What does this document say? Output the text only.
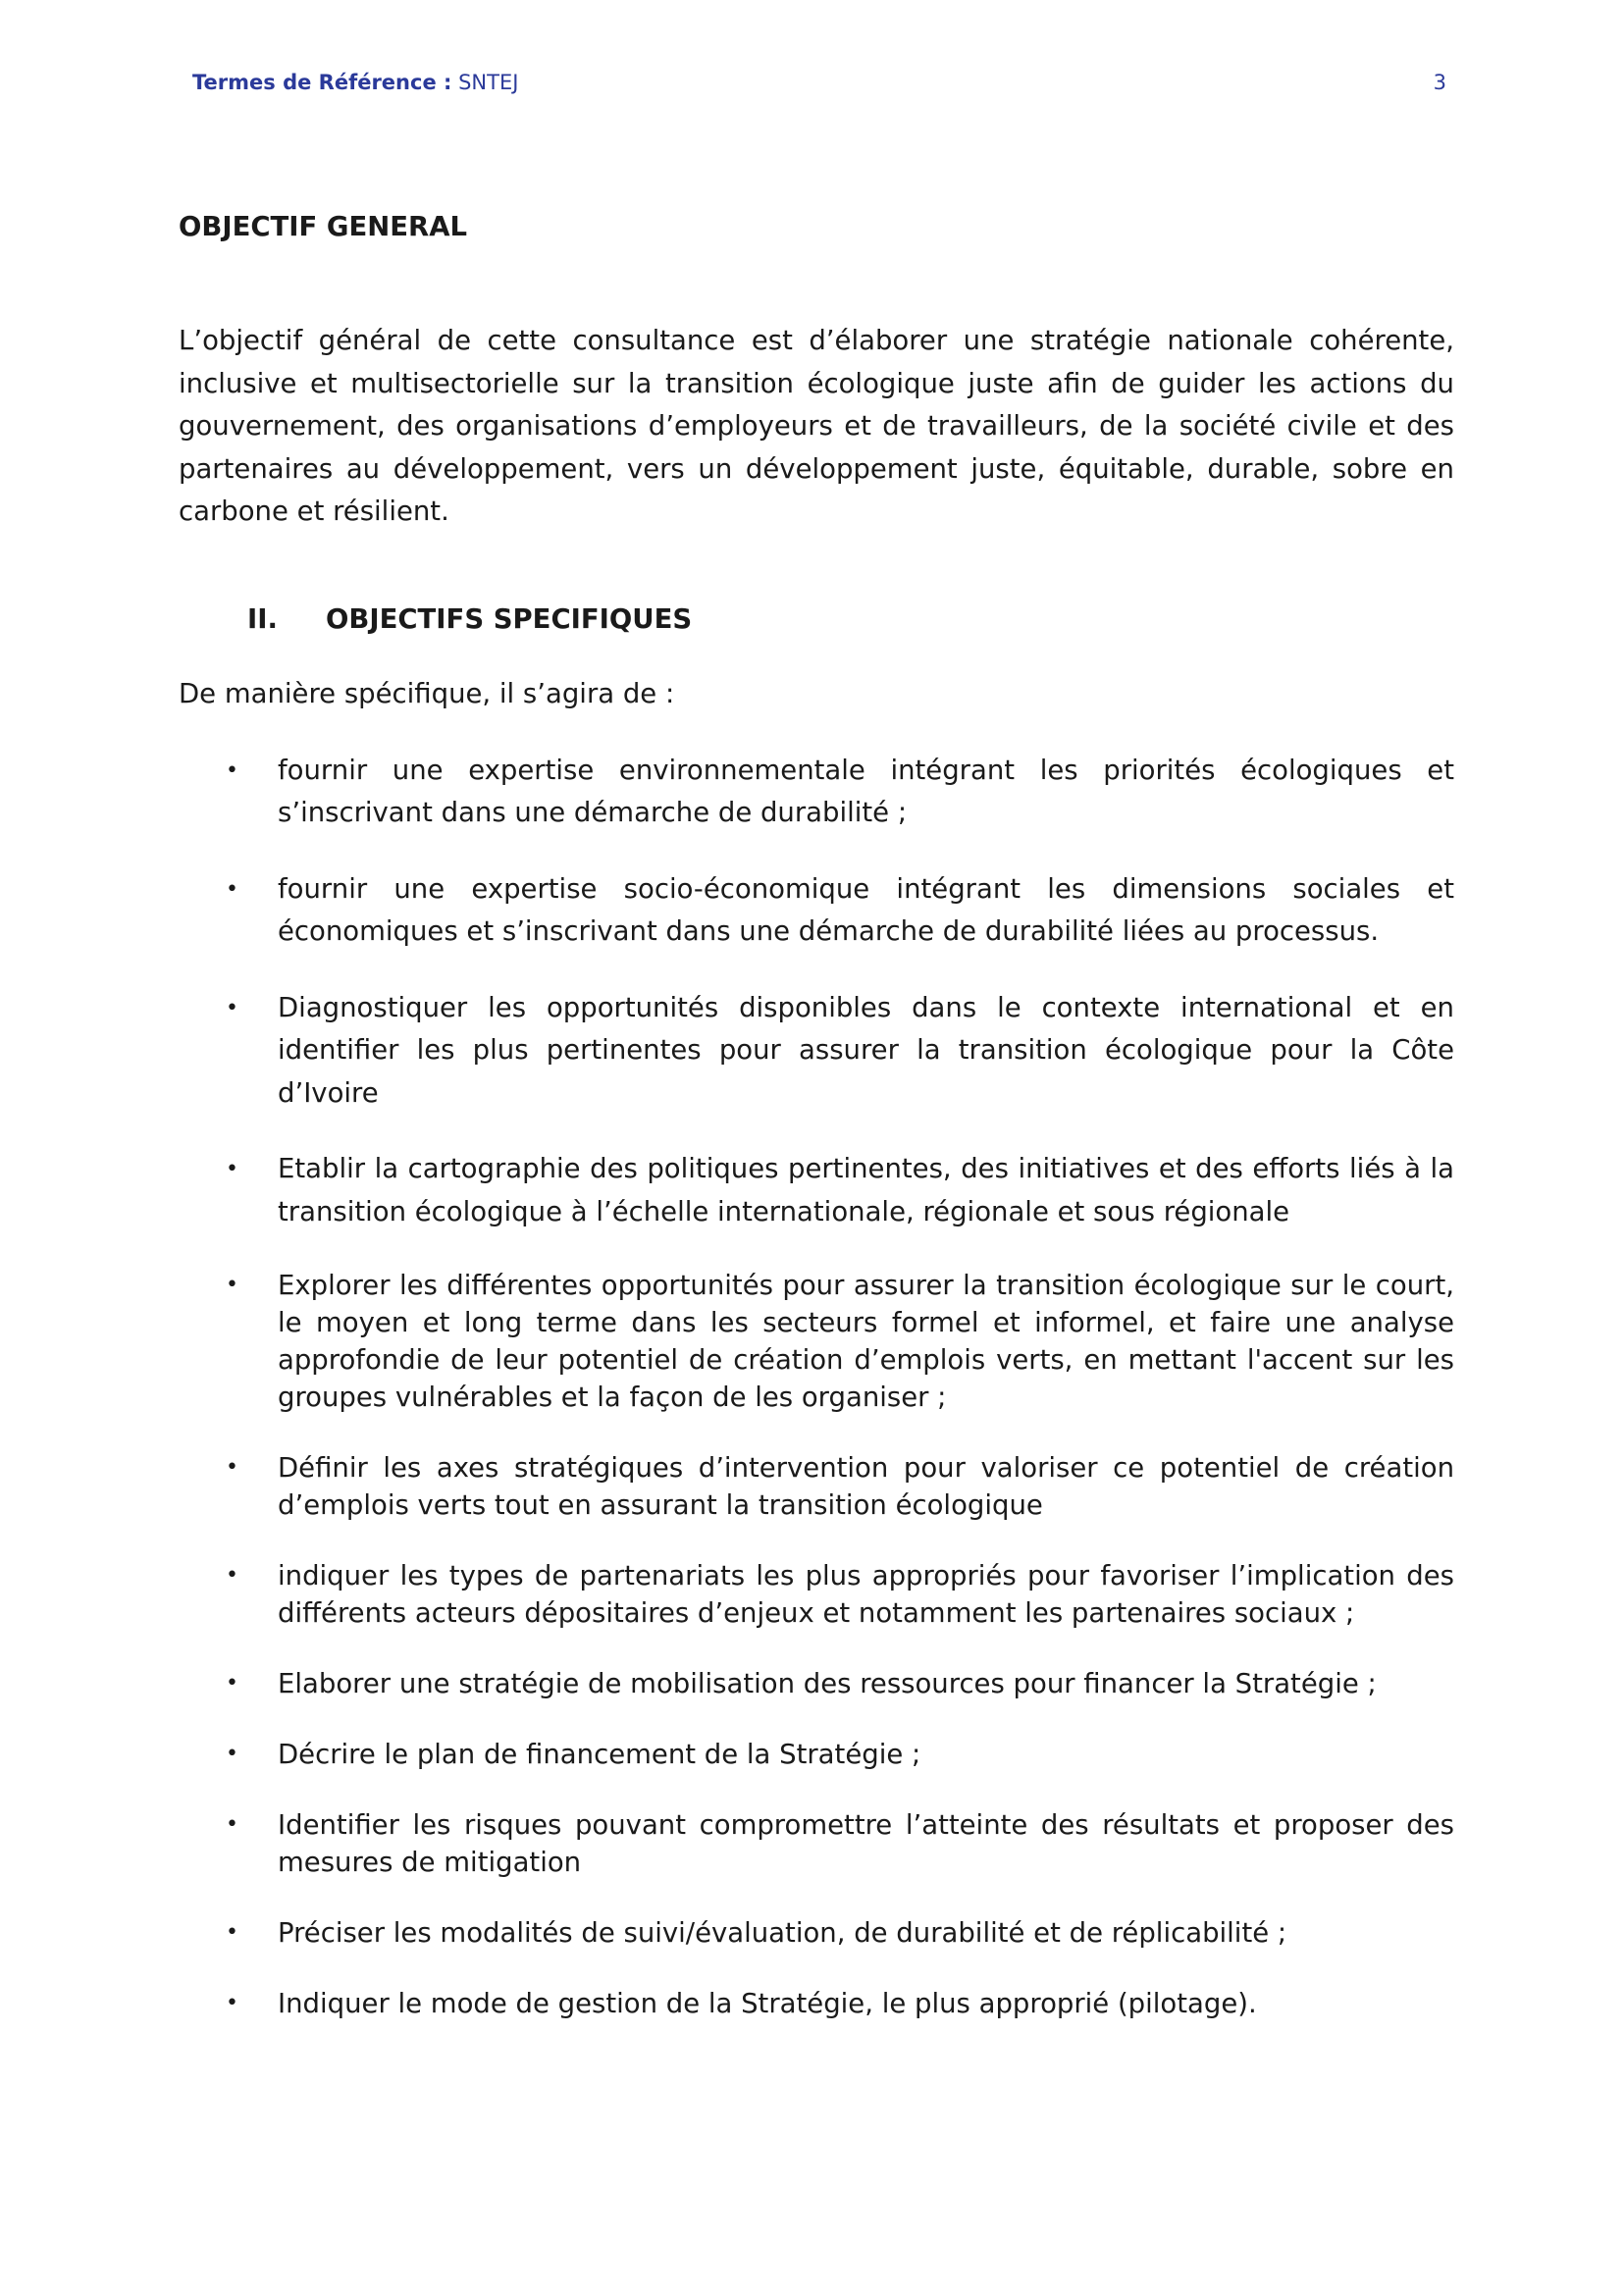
Termes de Référence : SNTEJ	3

OBJECTIF GENERAL

L’objectif général de cette consultance est d’élaborer une stratégie nationale cohérente, inclusive et multisectorielle sur la transition écologique juste afin de guider les actions du gouvernement, des organisations d’employeurs et de travailleurs, de la société civile et des partenaires au développement, vers un développement juste, équitable, durable, sobre en carbone et résilient.

II.	OBJECTIFS SPECIFIQUES

De manière spécifique, il s’agira de :

• fournir une expertise environnementale intégrant les priorités écologiques et s’inscrivant dans une démarche de durabilité ;
• fournir une expertise socio-économique intégrant les dimensions sociales et économiques et s’inscrivant dans une démarche de durabilité liées au processus.
• Diagnostiquer les opportunités disponibles dans le contexte international et en identifier les plus pertinentes pour assurer la transition écologique pour la Côte d’Ivoire
• Etablir la cartographie des politiques pertinentes, des initiatives et des efforts liés à la transition écologique à l’échelle internationale, régionale et sous régionale
• Explorer les différentes opportunités pour assurer la transition écologique sur le court, le moyen et long terme dans les secteurs formel et informel, et faire une analyse approfondie de leur potentiel de création d’emplois verts, en mettant l'accent sur les groupes vulnérables et la façon de les organiser ;
• Définir les axes stratégiques d’intervention pour valoriser ce potentiel de création d’emplois verts tout en assurant la transition écologique
• indiquer les types de partenariats les plus appropriés pour favoriser l’implication des différents acteurs dépositaires d’enjeux et notamment les partenaires sociaux ;
• Elaborer une stratégie de mobilisation des ressources pour financer la Stratégie ;
• Décrire le plan de financement de la Stratégie ;
• Identifier les risques pouvant compromettre l’atteinte des résultats et proposer des mesures de mitigation
• Préciser les modalités de suivi/évaluation, de durabilité et de réplicabilité ;
• Indiquer le mode de gestion de la Stratégie, le plus approprié (pilotage).
